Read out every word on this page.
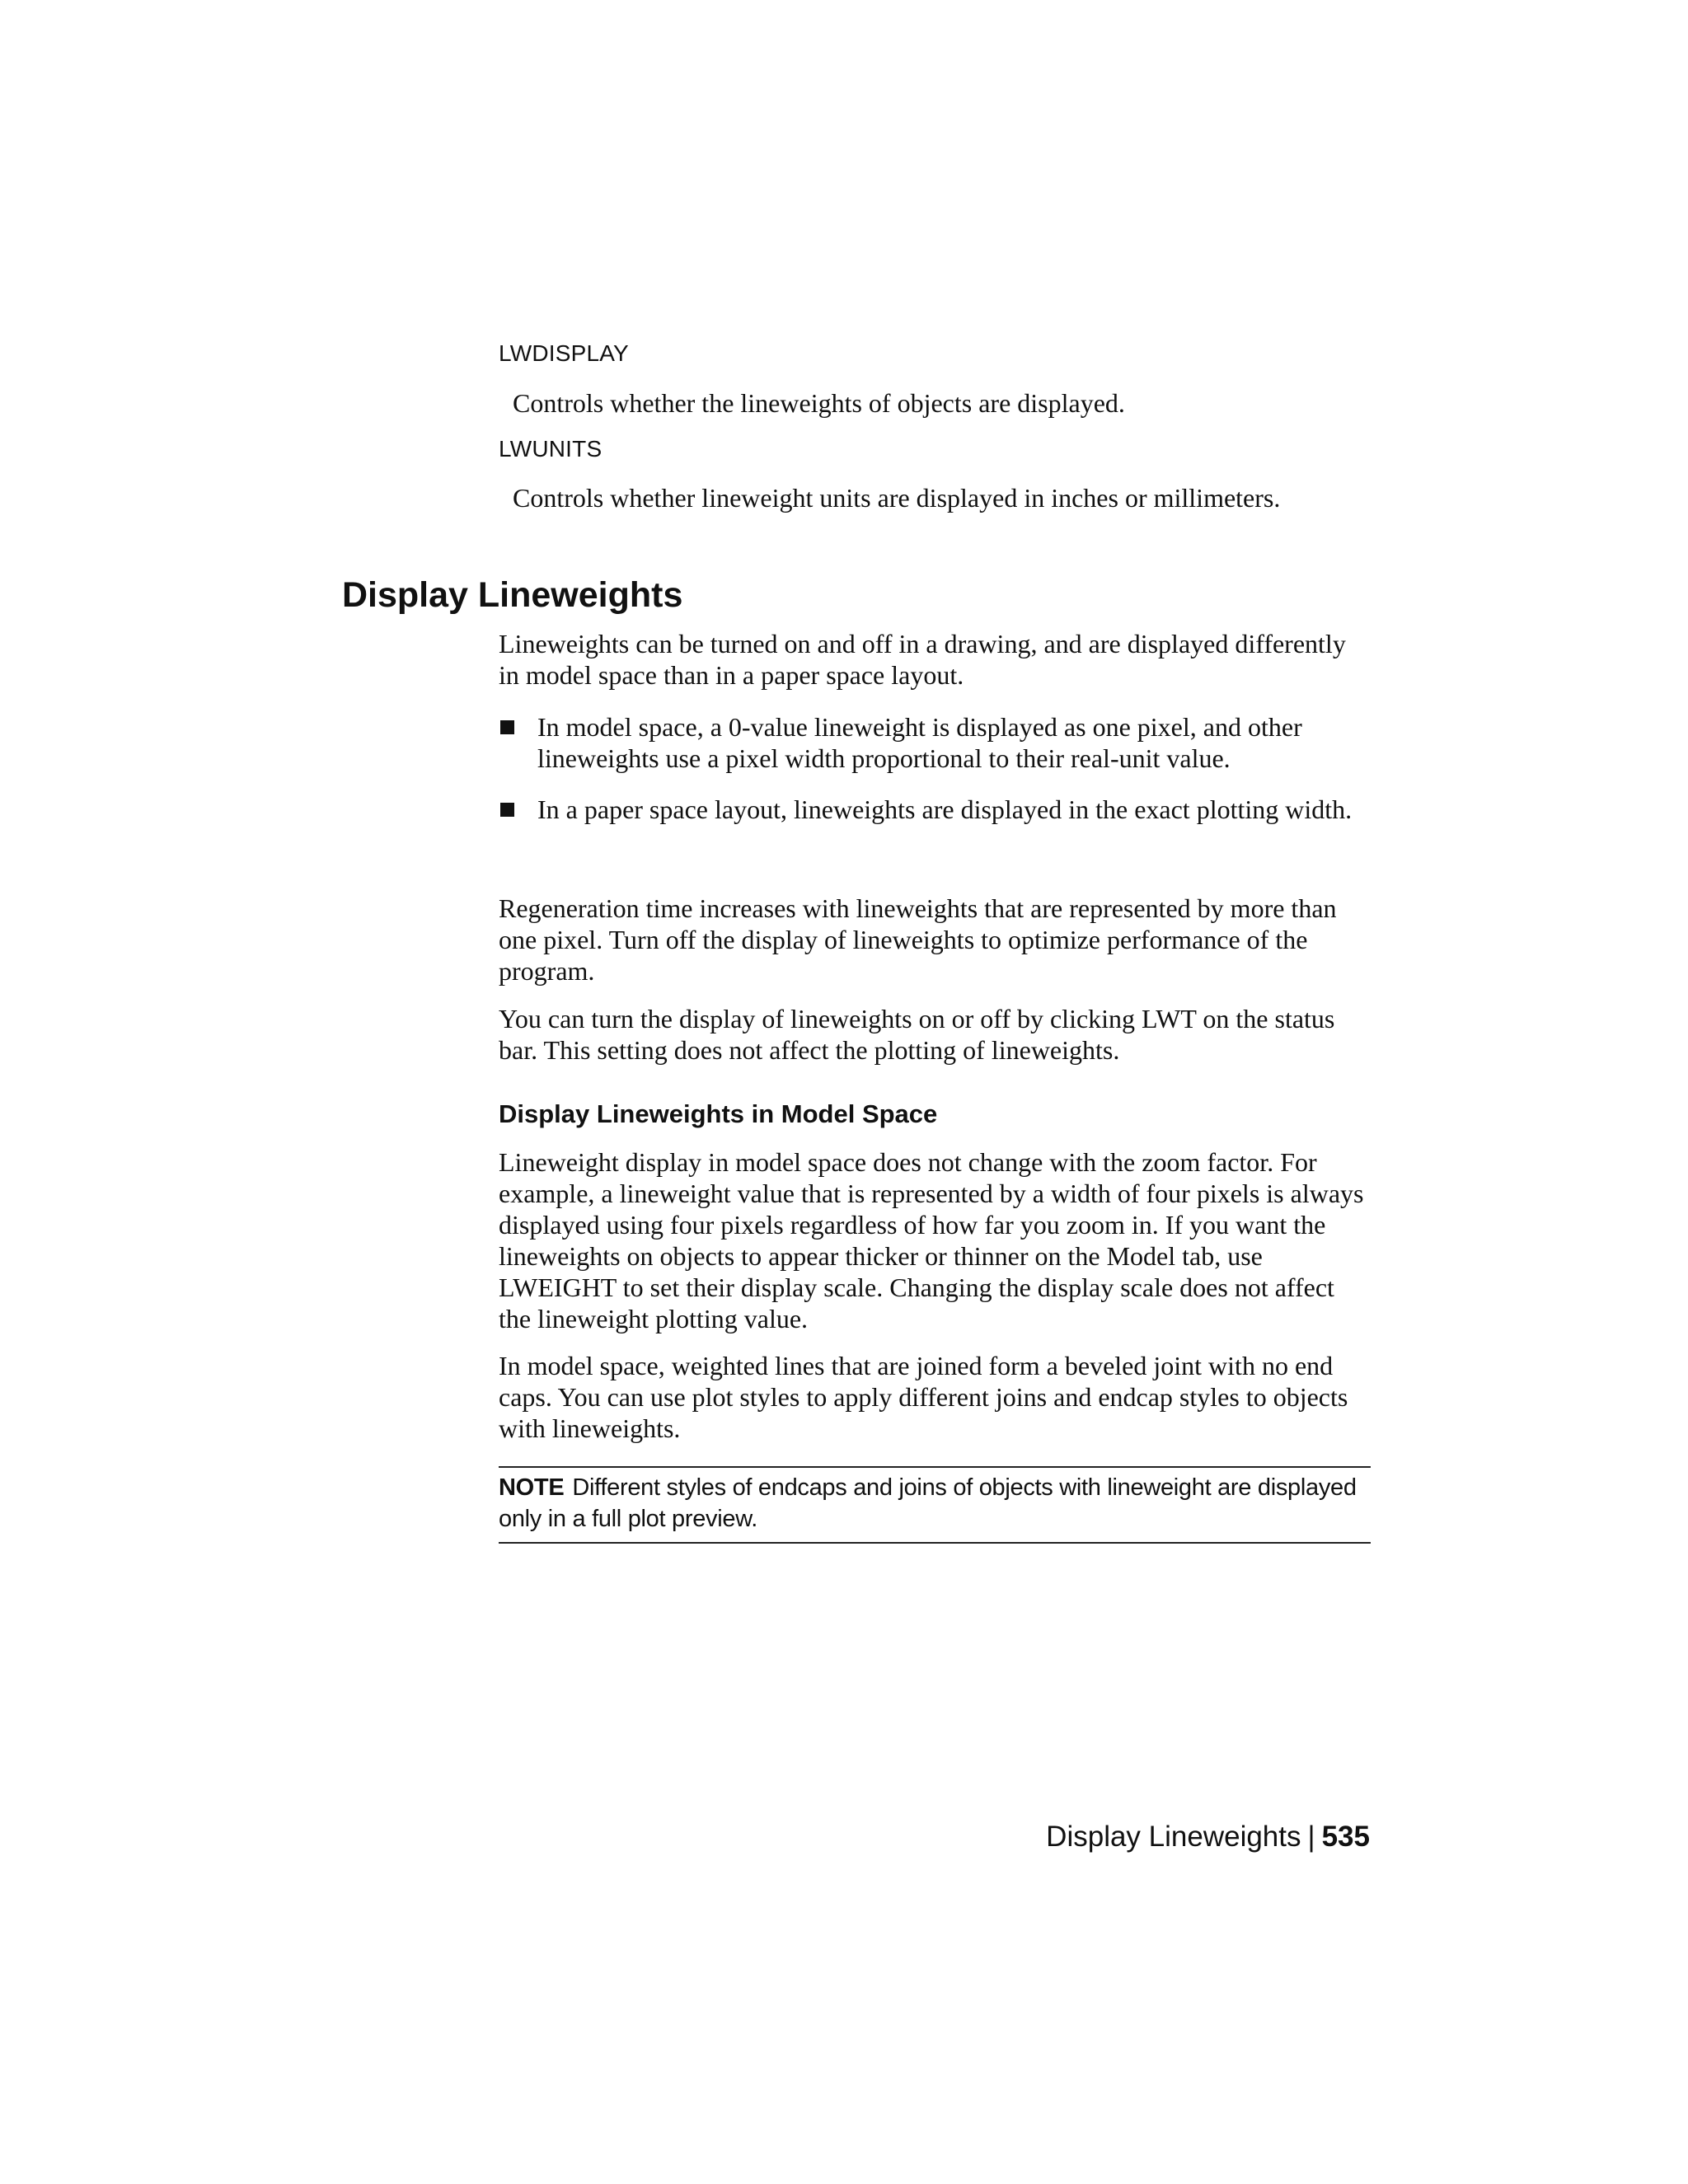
LWDISPLAY
Controls whether the lineweights of objects are displayed.
LWUNITS
Controls whether lineweight units are displayed in inches or millimeters.
Display Lineweights

Lineweights can be turned on and off in a drawing, and are displayed differently in model space than in a paper space layout.

In model space, a 0-value lineweight is displayed as one pixel, and other lineweights use a pixel width proportional to their real-unit value.

In a paper space layout, lineweights are displayed in the exact plotting width.

Regeneration time increases with lineweights that are represented by more than one pixel. Turn off the display of lineweights to optimize performance of the program.

You can turn the display of lineweights on or off by clicking LWT on the status bar. This setting does not affect the plotting of lineweights.

Display Lineweights in Model Space

Lineweight display in model space does not change with the zoom factor. For example, a lineweight value that is represented by a width of four pixels is always displayed using four pixels regardless of how far you zoom in. If you want the lineweights on objects to appear thicker or thinner on the Model tab, use LWEIGHT to set their display scale. Changing the display scale does not affect the lineweight plotting value.

In model space, weighted lines that are joined form a beveled joint with no end caps. You can use plot styles to apply different joins and endcap styles to objects with lineweights.

NOTE Different styles of endcaps and joins of objects with lineweight are displayed only in a full plot preview.
Display Lineweights | 535
